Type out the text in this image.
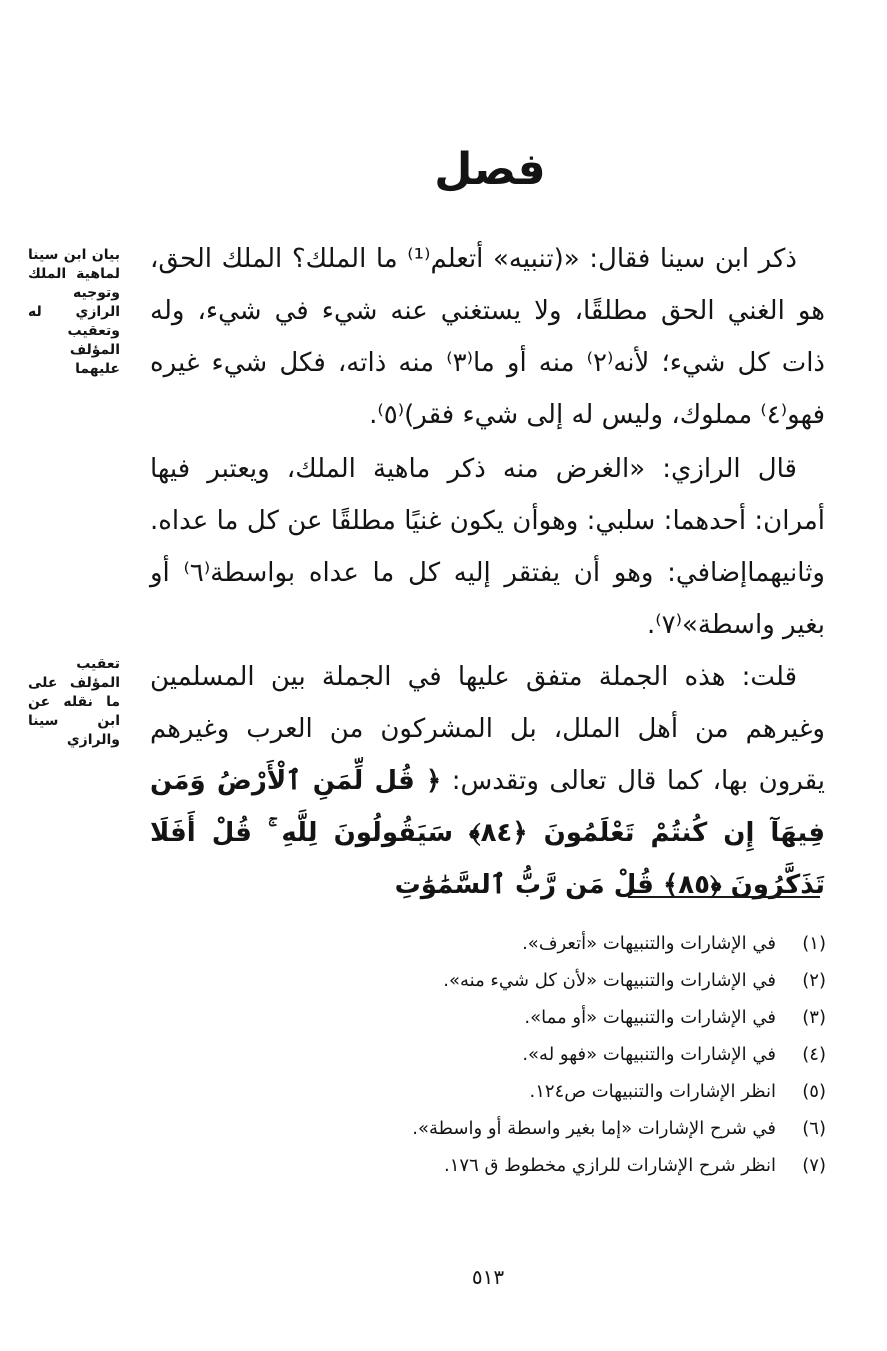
فصل
بيان ابن سينا لماهية الملك وتوجيه الرازي له وتعقيب المؤلف عليهما
تعقيب المؤلف على ما نقله عن ابن سينا والرازي

ذكر ابن سينا فقال: «(تنبيه» أتعلم⁽¹⁾ ما الملك؟ الملك الحق، هو الغني الحق مطلقًا، ولا يستغني عنه شيء في شيء، وله ذات كل شيء؛ لأنه⁽٢⁾ منه أو ما⁽٣⁾ منه ذاته، فكل شيء غيره فهو⁽٤⁾ مملوك، وليس له إلى شيء فقر)⁽٥⁾.

قال الرازي: «الغرض منه ذكر ماهية الملك، ويعتبر فيها أمران: أحدهما: سلبي: وهوأن يكون غنيًا مطلقًا عن كل ما عداه. وثانيهماإضافي: وهو أن يفتقر إليه كل ما عداه بواسطة⁽٦⁾ أو بغير واسطة»⁽٧⁾.

قلت: هذه الجملة متفق عليها في الجملة بين المسلمين وغيرهم من أهل الملل، بل المشركون من العرب وغيرهم يقرون بها، كما قال تعالى وتقدس: ﴿ قُل لِّمَنِ ٱلْأَرْضُ وَمَن فِيهَآ إِن كُنتُمْ تَعْلَمُونَ ﴿٨٤﴾ سَيَقُولُونَ لِلَّهِ ۚ قُلْ أَفَلَا تَذَكَّرُونَ ﴿٨٥﴾ قُلْ مَن رَّبُّ ٱلسَّمَٰوَٰتِ

(١)
في الإشارات والتنبيهات «أتعرف».
(٢)
في الإشارات والتنبيهات «لأن كل شيء منه».
(٣)
في الإشارات والتنبيهات «أو مما».
(٤)
في الإشارات والتنبيهات «فهو له».
(٥)
انظر الإشارات والتنبيهات ص١٢٤.
(٦)
في شرح الإشارات «إما بغير واسطة أو واسطة».
(٧)
انظر شرح الإشارات للرازي مخطوط ق ١٧٦.
٥١٣
